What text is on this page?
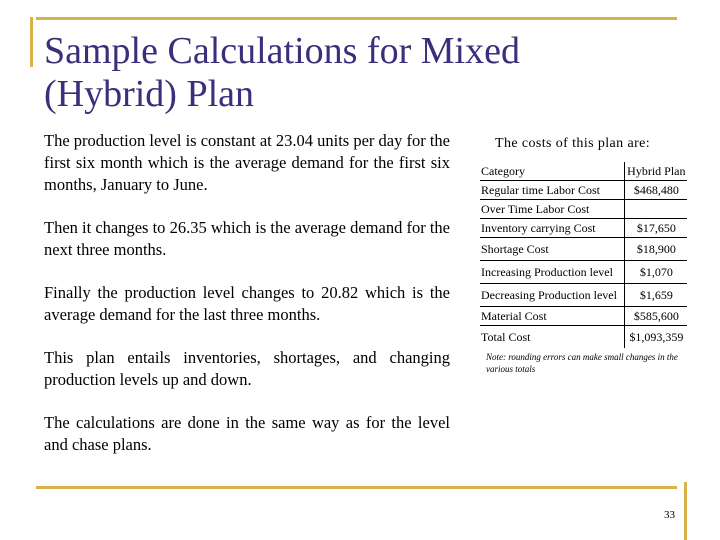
Sample Calculations for Mixed
(Hybrid) Plan

The production level is constant at 23.04 units per day for the first six month which is the average demand for the first six months, January to June.

Then it changes to 26.35 which is the average demand for the next three months.

Finally the production level changes to 20.82 which is the average demand for the last three months.

This plan entails inventories, shortages, and changing production levels up and down.

The calculations are done in the same way as for the level and chase plans.

The costs of this plan are:
Category	Hybrid Plan
Regular time Labor Cost	$468,480
Over Time Labor Cost	
Inventory carrying Cost	$17,650
Shortage Cost	$18,900
Increasing Production level	$1,070
Decreasing Production level	$1,659
Material Cost	$585,600
Total Cost	$1,093,359
Note: rounding errors can make small changes in the various totals
33
